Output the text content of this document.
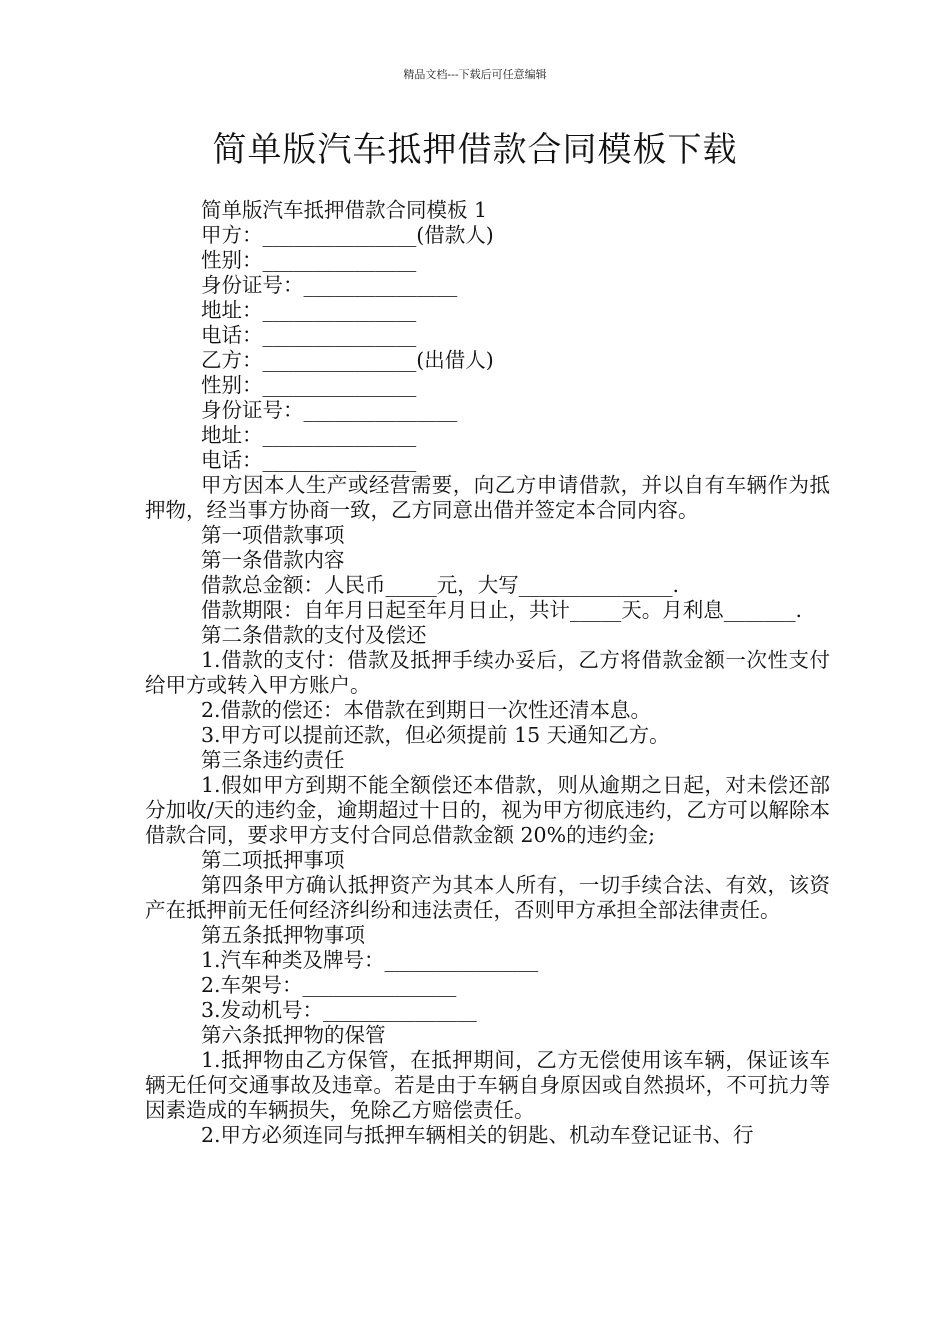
精品文档---下载后可任意编辑
简单版汽车抵押借款合同模板下载
简单版汽车抵押借款合同模板 1
甲方：_______________(借款人)
性别：_______________
身份证号：_______________
地址：_______________
电话：_______________
乙方：_______________(出借人)
性别：_______________
身份证号：_______________
地址：_______________
电话：_______________
甲方因本人生产或经营需要，向乙方申请借款，并以自有车辆作为抵押物，经当事方协商一致，乙方同意出借并签定本合同内容。
第一项借款事项
第一条借款内容
借款总金额：人民币_____元，大写_______________.
借款期限：自年月日起至年月日止，共计_____天。月利息_______.
第二条借款的支付及偿还
1.借款的支付：借款及抵押手续办妥后，乙方将借款金额一次性支付给甲方或转入甲方账户。
2.借款的偿还：本借款在到期日一次性还清本息。
3.甲方可以提前还款，但必须提前 15 天通知乙方。
第三条违约责任
1.假如甲方到期不能全额偿还本借款，则从逾期之日起，对未偿还部分加收/天的违约金，逾期超过十日的，视为甲方彻底违约，乙方可以解除本借款合同，要求甲方支付合同总借款金额 20%的违约金;
第二项抵押事项
第四条甲方确认抵押资产为其本人所有，一切手续合法、有效，该资产在抵押前无任何经济纠纷和违法责任，否则甲方承担全部法律责任。
第五条抵押物事项
1.汽车种类及牌号：_______________
2.车架号：_______________
3.发动机号：_______________
第六条抵押物的保管
1.抵押物由乙方保管，在抵押期间，乙方无偿使用该车辆，保证该车辆无任何交通事故及违章。若是由于车辆自身原因或自然损坏，不可抗力等因素造成的车辆损失，免除乙方赔偿责任。
2.甲方必须连同与抵押车辆相关的钥匙、机动车登记证书、行
